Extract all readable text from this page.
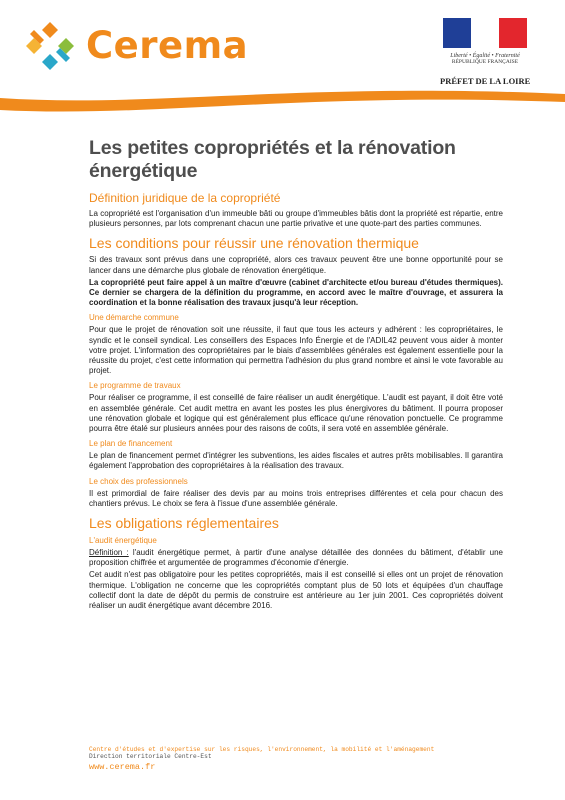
Cerema	Liberté • Égalité • Fraternité
RÉPUBLIQUE FRANÇAISE
PRÉFET DE LA LOIRE
Les petites copropriétés et la rénovation énergétique
Définition juridique de la copropriété

La copropriété est l'organisation d'un immeuble bâti ou groupe d'immeubles bâtis dont la propriété est répartie, entre plusieurs personnes, par lots comprenant chacun une partie privative et une quote-part des parties communes.

Les conditions pour réussir une rénovation thermique

Si des travaux sont prévus dans une copropriété, alors ces travaux peuvent être une bonne opportunité pour se lancer dans une démarche plus globale de rénovation énergétique.

La copropriété peut faire appel à un maître d'œuvre (cabinet d'architecte et/ou bureau d'études thermiques). Ce dernier se chargera de la définition du programme, en accord avec le maître d'ouvrage, et assurera la coordination et la bonne réalisation des travaux jusqu'à leur réception.

Une démarche commune

Pour que le projet de rénovation soit une réussite, il faut que tous les acteurs y adhérent : les copropriétaires, le syndic et le conseil syndical. Les conseillers des Espaces Info Énergie et de l'ADIL42 peuvent vous aider à monter votre projet. L'information des copropriétaires par le biais d'assemblées générales est également essentielle pour la réussite du projet, c'est cette information qui permettra l'adhésion du plus grand nombre et ainsi le vote favorable au projet.

Le programme de travaux

Pour réaliser ce programme, il est conseillé de faire réaliser un audit énergétique. L'audit est payant, il doit être voté en assemblée générale. Cet audit mettra en avant les postes les plus énergivores du bâtiment. Il pourra proposer une rénovation globale et logique qui est généralement plus efficace qu'une rénovation ponctuelle. Ce programme pourra être étalé sur plusieurs années pour des raisons de coûts, il sera voté en assemblée générale.

Le plan de financement

Le plan de financement permet d'intégrer les subventions, les aides fiscales et autres prêts mobilisables. Il garantira également l'approbation des copropriétaires à la réalisation des travaux.

Le choix des professionnels

Il est primordial de faire réaliser des devis par au moins trois entreprises différentes et cela pour chacun des chantiers prévus. Le choix se fera à l'issue d'une assemblée générale.

Les obligations réglementaires
L'audit énergétique

Définition : l'audit énergétique permet, à partir d'une analyse détaillée des données du bâtiment, d'établir une proposition chiffrée et argumentée de programmes d'économie d'énergie.

Cet audit n'est pas obligatoire pour les petites copropriétés, mais il est conseillé si elles ont un projet de rénovation thermique. L'obligation ne concerne que les copropriétés comptant plus de 50 lots et équipées d'un chauffage collectif dont la date de dépôt du permis de construire est antérieure au 1er juin 2001. Ces copropriétés doivent réaliser un audit énergétique avant décembre 2016.

Centre d'études et d'expertise sur les risques, l'environnement, la mobilité et l'aménagement
Direction territoriale Centre-Est
www.cerema.fr
